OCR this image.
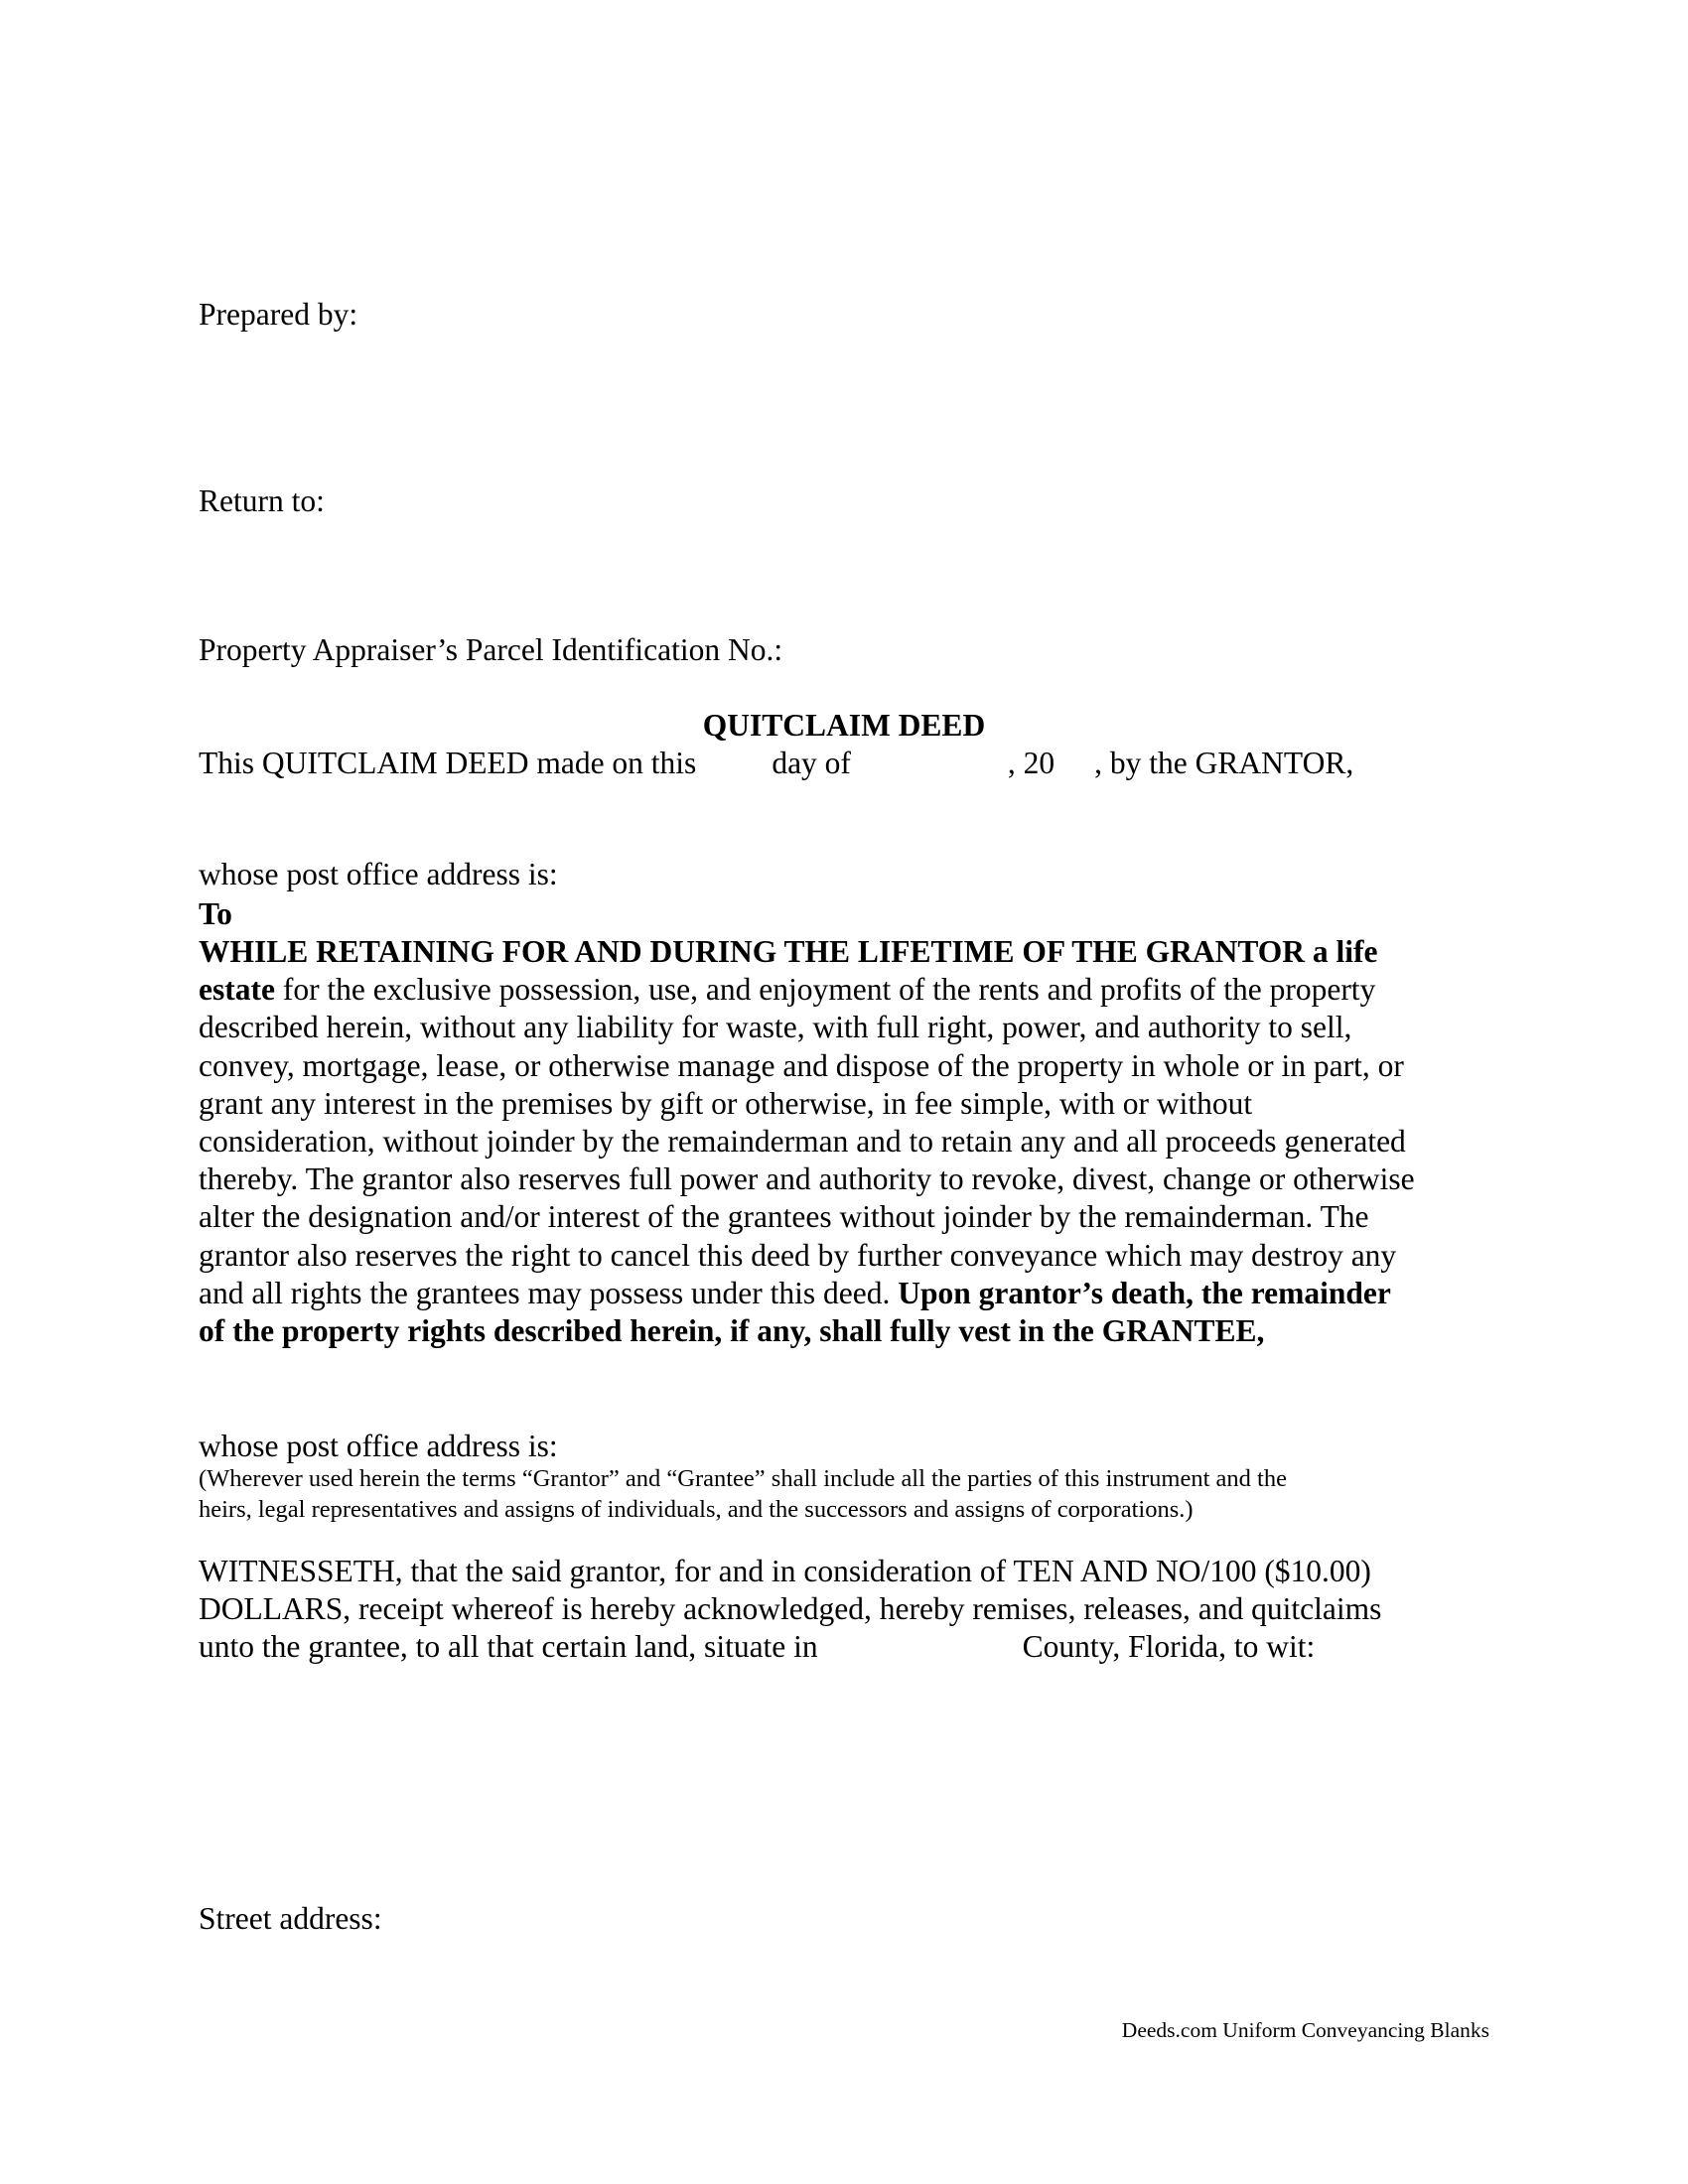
Prepared by:
Return to:
Property Appraiser’s Parcel Identification No.:
QUITCLAIM DEED
This QUITCLAIM DEED made on this day of	, 20 , by the GRANTOR,
whose post office address is:
To

WHILE RETAINING FOR AND DURING THE LIFETIME OF THE GRANTOR a life

estate for the exclusive possession, use, and enjoyment of the rents and profits of the property

described herein, without any liability for waste, with full right, power, and authority to sell,

convey, mortgage, lease, or otherwise manage and dispose of the property in whole or in part, or

grant any interest in the premises by gift or otherwise, in fee simple, with or without

consideration, without joinder by the remainderman and to retain any and all proceeds generated

thereby. The grantor also reserves full power and authority to revoke, divest, change or otherwise

alter the designation and/or interest of the grantees without joinder by the remainderman. The

grantor also reserves the right to cancel this deed by further conveyance which may destroy any

and all rights the grantees may possess under this deed. Upon grantor’s death, the remainder

of the property rights described herein, if any, shall fully vest in the GRANTEE,

whose post office address is:

(Wherever used herein the terms “Grantor” and “Grantee” shall include all the parties of this instrument and the

heirs, legal representatives and assigns of individuals, and the successors and assigns of corporations.)

WITNESSETH, that the said grantor, for and in consideration of TEN AND NO/100 ($10.00)

DOLLARS, receipt whereof is hereby acknowledged, hereby remises, releases, and quitclaims

unto the grantee, to all that certain land, situate in	County, Florida, to wit:

Street address:
Deeds.com Uniform Conveyancing Blanks
